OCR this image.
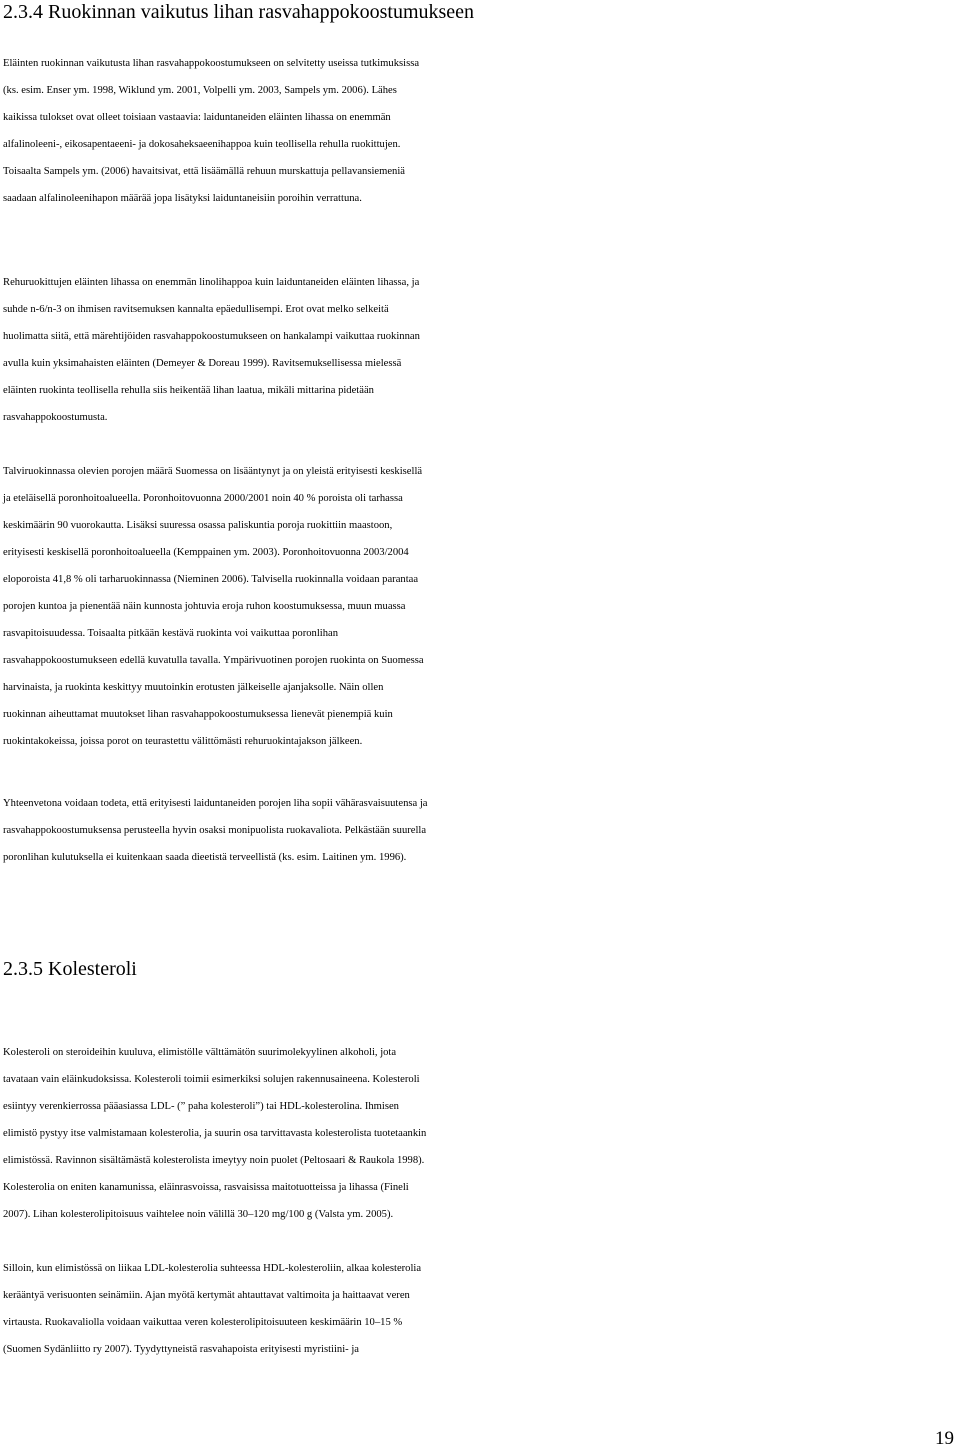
2.3.4 Ruokinnan vaikutus lihan rasvahappokoostumukseen
Eläinten ruokinnan vaikutusta lihan rasvahappokoostumukseen on selvitetty useissa tutkimuksissa
(ks. esim. Enser ym. 1998, Wiklund ym. 2001, Volpelli ym. 2003, Sampels ym. 2006). Lähes
kaikissa tulokset ovat olleet toisiaan vastaavia: laiduntaneiden eläinten lihassa on enemmän
alfalinoleeni-, eikosapentaeeni- ja dokosaheksaeenihappoa kuin teollisella rehulla ruokittujen.
Toisaalta Sampels ym. (2006) havaitsivat, että lisäämällä rehuun murskattuja pellavansiemeniä
saadaan alfalinoleenihapon määrää jopa lisätyksi laiduntaneisiin poroihin verrattuna.
Rehuruokittujen eläinten lihassa on enemmän linolihappoa kuin laiduntaneiden eläinten lihassa, ja
suhde n-6/n-3 on ihmisen ravitsemuksen kannalta epäedullisempi. Erot ovat melko selkeitä
huolimatta siitä, että märehtijöiden rasvahappokoostumukseen on hankalampi vaikuttaa ruokinnan
avulla kuin yksimahaisten eläinten (Demeyer & Doreau 1999). Ravitsemuksellisessa mielessä
eläinten ruokinta teollisella rehulla siis heikentää lihan laatua, mikäli mittarina pidetään
rasvahappokoostumusta.
Talviruokinnassa olevien porojen määrä Suomessa on lisääntynyt ja on yleistä erityisesti keskisellä
ja eteläisellä poronhoitoalueella. Poronhoitovuonna 2000/2001 noin 40 % poroista oli tarhassa
keskimäärin 90 vuorokautta. Lisäksi suuressa osassa paliskuntia poroja ruokittiin maastoon,
erityisesti keskisellä poronhoitoalueella (Kemppainen ym. 2003). Poronhoitovuonna 2003/2004
eloporoista 41,8 % oli tarharuokinnassa (Nieminen 2006). Talvisella ruokinnalla voidaan parantaa
porojen kuntoa ja pienentää näin kunnosta johtuvia eroja ruhon koostumuksessa, muun muassa
rasvapitoisuudessa. Toisaalta pitkään kestävä ruokinta voi vaikuttaa poronlihan
rasvahappokoostumukseen edellä kuvatulla tavalla. Ympärivuotinen porojen ruokinta on Suomessa
harvinaista, ja ruokinta keskittyy muutoinkin erotusten jälkeiselle ajanjaksolle. Näin ollen
ruokinnan aiheuttamat muutokset lihan rasvahappokoostumuksessa lienevät pienempiä kuin
ruokintakokeissa, joissa porot on teurastettu välittömästi rehuruokintajakson jälkeen.
Yhteenvetona voidaan todeta, että erityisesti laiduntaneiden porojen liha sopii vähärasvaisuutensa ja
rasvahappokoostumuksensa perusteella hyvin osaksi monipuolista ruokavaliota. Pelkästään suurella
poronlihan kulutuksella ei kuitenkaan saada dieetistä terveellistä (ks. esim. Laitinen ym. 1996).
2.3.5 Kolesteroli
Kolesteroli on steroideihin kuuluva, elimistölle välttämätön suurimolekyylinen alkoholi, jota
tavataan vain eläinkudoksissa. Kolesteroli toimii esimerkiksi solujen rakennusaineena. Kolesteroli
esiintyy verenkierrossa pääasiassa LDL- (” paha kolesteroli”) tai HDL-kolesterolina. Ihmisen
elimistö pystyy itse valmistamaan kolesterolia, ja suurin osa tarvittavasta kolesterolista tuotetaankin
elimistössä. Ravinnon sisältämästä kolesterolista imeytyy noin puolet (Peltosaari & Raukola 1998).
Kolesterolia on eniten kanamunissa, eläinrasvoissa, rasvaisissa maitotuotteissa ja lihassa (Fineli
2007). Lihan kolesterolipitoisuus vaihtelee noin välillä 30–120 mg/100 g (Valsta ym. 2005).
Silloin, kun elimistössä on liikaa LDL-kolesterolia suhteessa HDL-kolesteroliin, alkaa kolesterolia
kerääntyä verisuonten seinämiin. Ajan myötä kertymät ahtauttavat valtimoita ja haittaavat veren
virtausta. Ruokavaliolla voidaan vaikuttaa veren kolesterolipitoisuuteen keskimäärin 10–15 %
(Suomen Sydänliitto ry 2007). Tyydyttyneistä rasvahapoista erityisesti myristiini- ja
19
